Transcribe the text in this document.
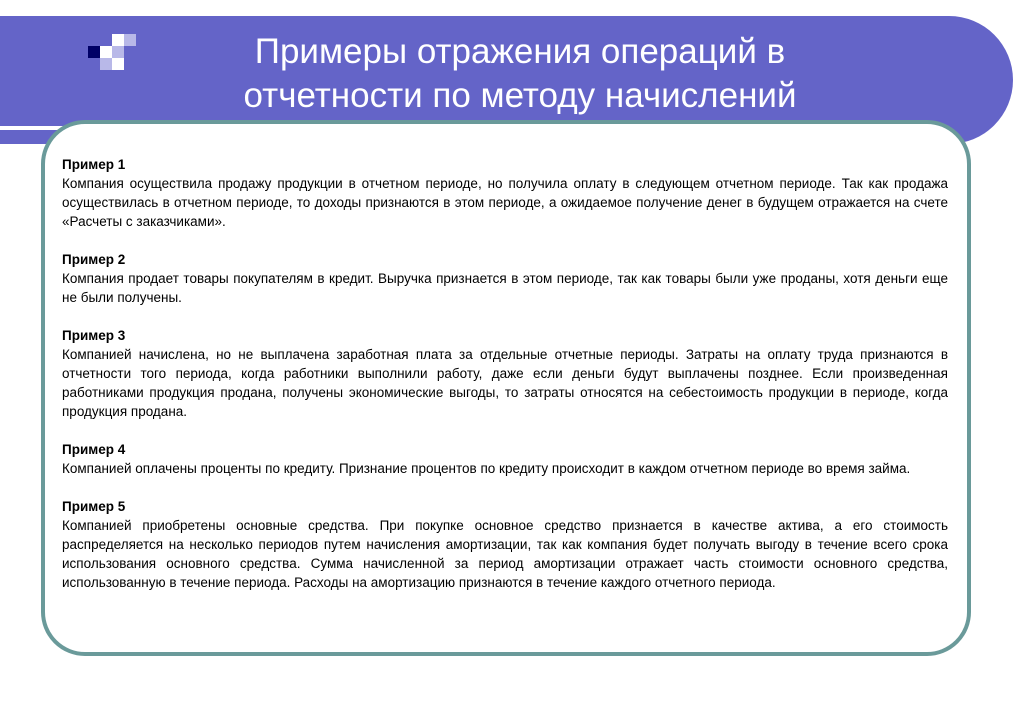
Примеры отражения операций в
отчетности по методу начислений
Пример 1
Компания осуществила продажу продукции в отчетном периоде, но получила оплату в следующем отчетном периоде. Так как продажа осуществилась в отчетном периоде, то доходы признаются в этом периоде, а ожидаемое получение денег в будущем отражается на счете «Расчеты с заказчиками».
Пример 2
Компания продает товары покупателям в кредит. Выручка признается в этом периоде, так как товары были уже проданы, хотя деньги еще не были получены.
Пример 3
Компанией начислена, но не выплачена заработная плата за отдельные отчетные периоды. Затраты на оплату труда признаются в отчетности того периода, когда работники выполнили работу, даже если деньги будут выплачены позднее. Если произведенная работниками продукция продана, получены экономические выгоды, то затраты относятся на себестоимость продукции в периоде, когда продукция продана.
Пример 4
Компанией оплачены проценты по кредиту. Признание процентов по кредиту происходит в каждом отчетном периоде во время займа.
Пример 5
Компанией приобретены основные средства. При покупке основное средство признается в качестве актива, а его стоимость распределяется на несколько периодов путем начисления амортизации, так как компания будет получать выгоду в течение всего срока использования основного средства. Сумма начисленной за период амортизации отражает часть стоимости основного средства, использованную в течение периода. Расходы на амортизацию признаются в течение каждого отчетного периода.
